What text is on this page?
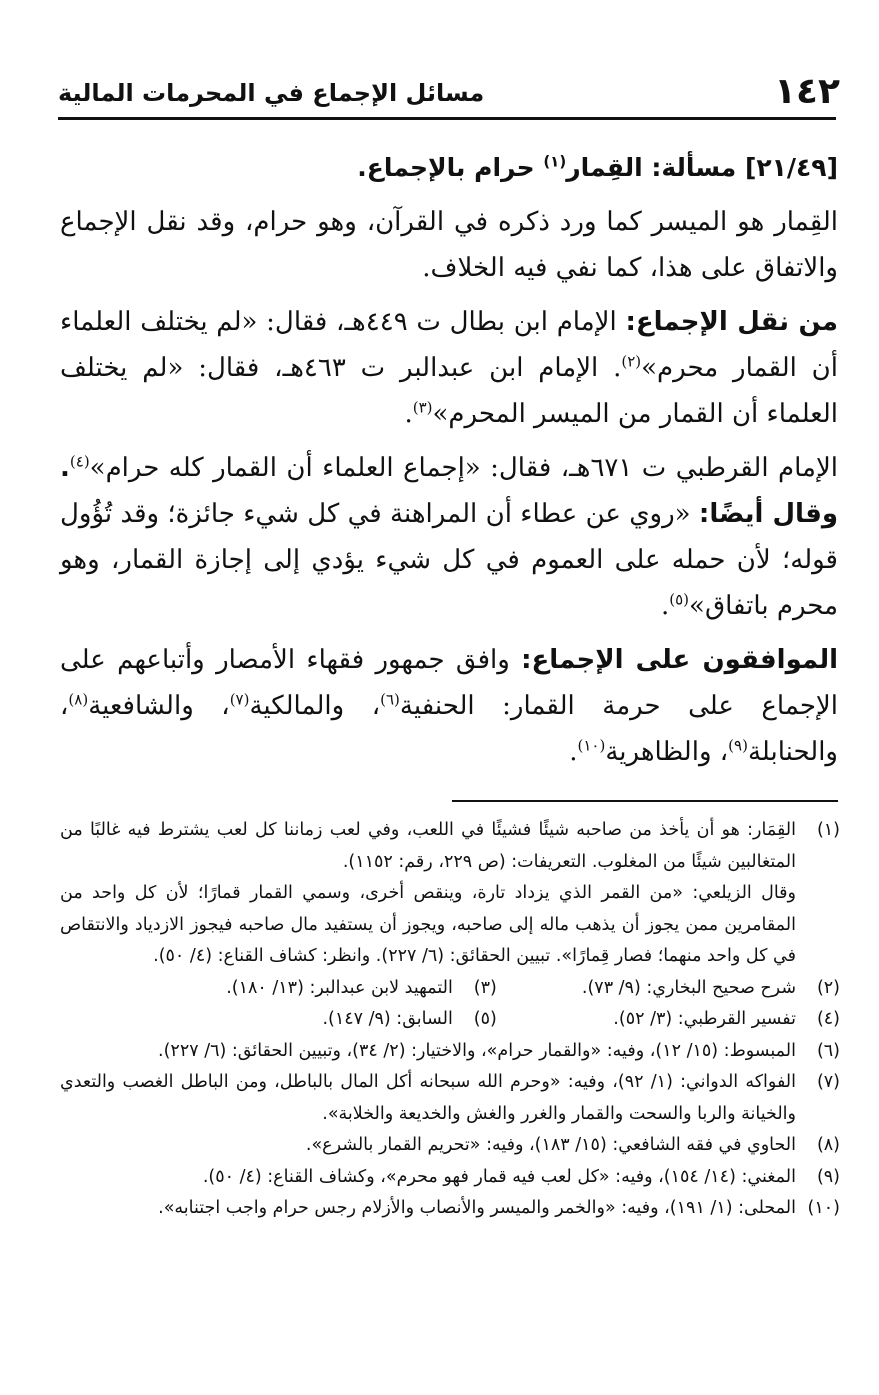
١٤٢
مسائل الإجماع في المحرمات المالية
[٢١/٤٩] مسألة: القِمار$^{(١)}$ حرام بالإجماع.
القِمار هو الميسر كما ورد ذكره في القرآن، وهو حرام، وقد نقل الإجماع والاتفاق على هذا، كما نفي فيه الخلاف.
من نقل الإجماع: الإمام ابن بطال ت ٤٤٩هـ، فقال: «لم يختلف العلماء أن القمار محرم»$^{(٢)}$. الإمام ابن عبدالبر ت ٤٦٣هـ، فقال: «لم يختلف العلماء أن القمار من الميسر المحرم»$^{(٣)}$.
الإمام القرطبي ت ٦٧١هـ، فقال: «إجماع العلماء أن القمار كله حرام»$^{(٤)}$. وقال أيضًا: «روي عن عطاء أن المراهنة في كل شيء جائزة؛ وقد تُؤُول قوله؛ لأن حمله على العموم في كل شيء يؤدي إلى إجازة القمار، وهو محرم باتفاق»$^{(٥)}$.
الموافقون على الإجماع: وافق جمهور فقهاء الأمصار وأتباعهم على الإجماع على حرمة القمار: الحنفية$^{(٦)}$، والمالكية$^{(٧)}$، والشافعية$^{(٨)}$، والحنابلة$^{(٩)}$، والظاهرية$^{(١٠)}$.
(١)
القِمَار: هو أن يأخذ من صاحبه شيئًا فشيئًا في اللعب، وفي لعب زماننا كل لعب يشترط فيه غالبًا من المتغالبين شيئًا من المغلوب. التعريفات: (ص ٢٢٩، رقم: ١١٥٢).
وقال الزيلعي: «من القمر الذي يزداد تارة، وينقص أخرى، وسمي القمار قمارًا؛ لأن كل واحد من المقامرين ممن يجوز أن يذهب ماله إلى صاحبه، ويجوز أن يستفيد مال صاحبه فيجوز الازدياد والانتقاص في كل واحد منهما؛ فصار قِمارًا». تبيين الحقائق: (٦/ ٢٢٧). وانظر: كشاف القناع: (٤/ ٥٠).
(٢)
شرح صحيح البخاري: (٩/ ٧٣).
(٣)
التمهيد لابن عبدالبر: (١٣/ ١٨٠).
(٤)
تفسير القرطبي: (٣/ ٥٢).
(٥)
السابق: (٩/ ١٤٧).
(٦)
المبسوط: (١٥/ ١٢)، وفيه: «والقمار حرام»، والاختيار: (٢/ ٣٤)، وتبيين الحقائق: (٦/ ٢٢٧).
(٧)
الفواكه الدواني: (١/ ٩٢)، وفيه: «وحرم الله سبحانه أكل المال بالباطل، ومن الباطل الغصب والتعدي والخيانة والربا والسحت والقمار والغرر والغش والخديعة والخلابة».
(٨)
الحاوي في فقه الشافعي: (١٥/ ١٨٣)، وفيه: «تحريم القمار بالشرع».
(٩)
المغني: (١٤/ ١٥٤)، وفيه: «كل لعب فيه قمار فهو محرم»، وكشاف القناع: (٤/ ٥٠).
(١٠)
المحلى: (١/ ١٩١)، وفيه: «والخمر والميسر والأنصاب والأزلام رجس حرام واجب اجتنابه».
